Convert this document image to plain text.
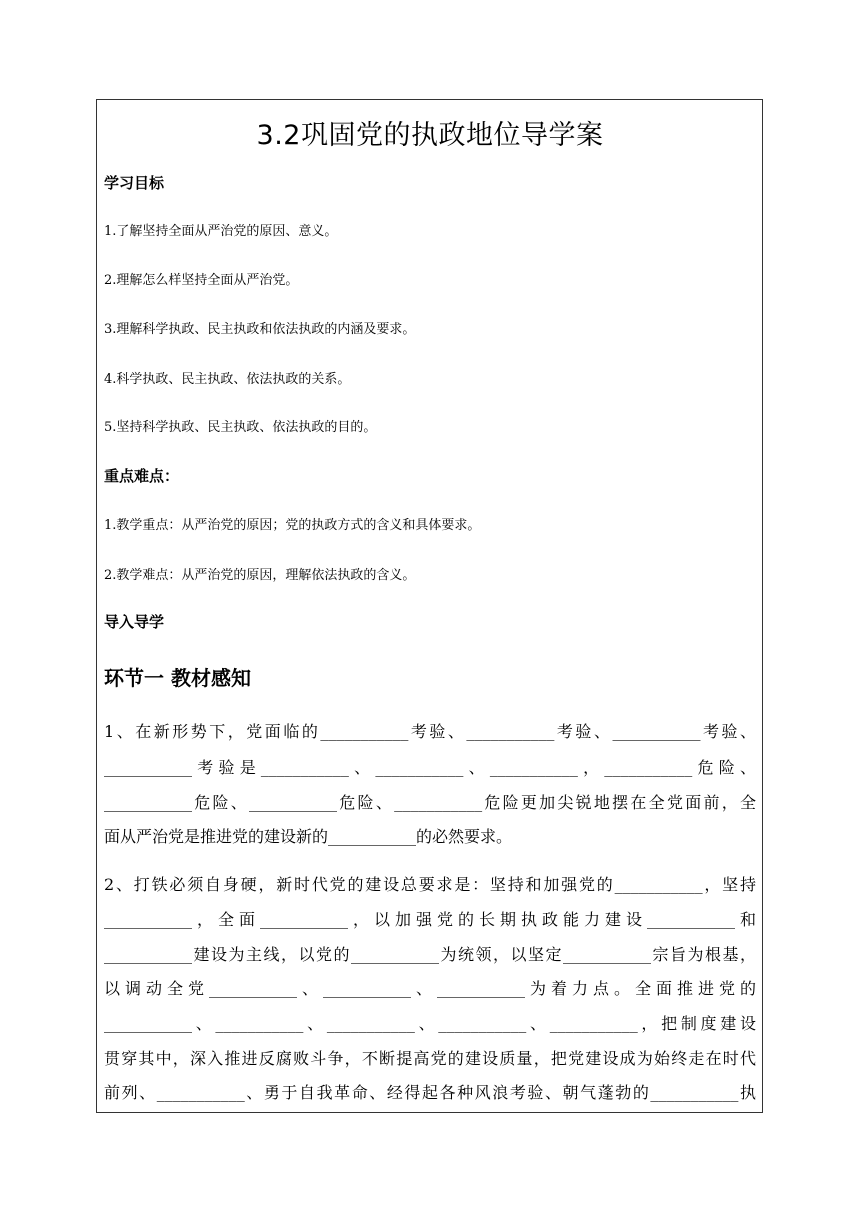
3.2巩固党的执政地位导学案
学习目标
1.了解坚持全面从严治党的原因、意义。
2.理解怎么样坚持全面从严治党。
3.理解科学执政、民主执政和依法执政的内涵及要求。
4.科学执政、民主执政、依法执政的关系。
5.坚持科学执政、民主执政、依法执政的目的。
重点难点：
1.教学重点：从严治党的原因；党的执政方式的含义和具体要求。
2.教学难点：从严治党的原因，理解依法执政的含义。
导入导学
环节一 教材感知
1、在新形势下，党面临的___________考验、___________考验、___________考验、
___________考验是___________、___________、___________，___________危险、
___________危险、___________危险、___________危险更加尖锐地摆在全党面前，全
面从严治党是推进党的建设新的___________的必然要求。
2、打铁必须自身硬，新时代党的建设总要求是：坚持和加强党的___________，坚持
___________，全面___________，以加强党的长期执政能力建设___________和
___________建设为主线，以党的___________为统领，以坚定___________宗旨为根基，
以调动全党___________、___________、___________为着力点。全面推进党的
___________、___________、___________、___________、___________，把制度建设
贯穿其中，深入推进反腐败斗争，不断提高党的建设质量，把党建设成为始终走在时代
前列、___________、勇于自我革命、经得起各种风浪考验、朝气蓬勃的___________执
